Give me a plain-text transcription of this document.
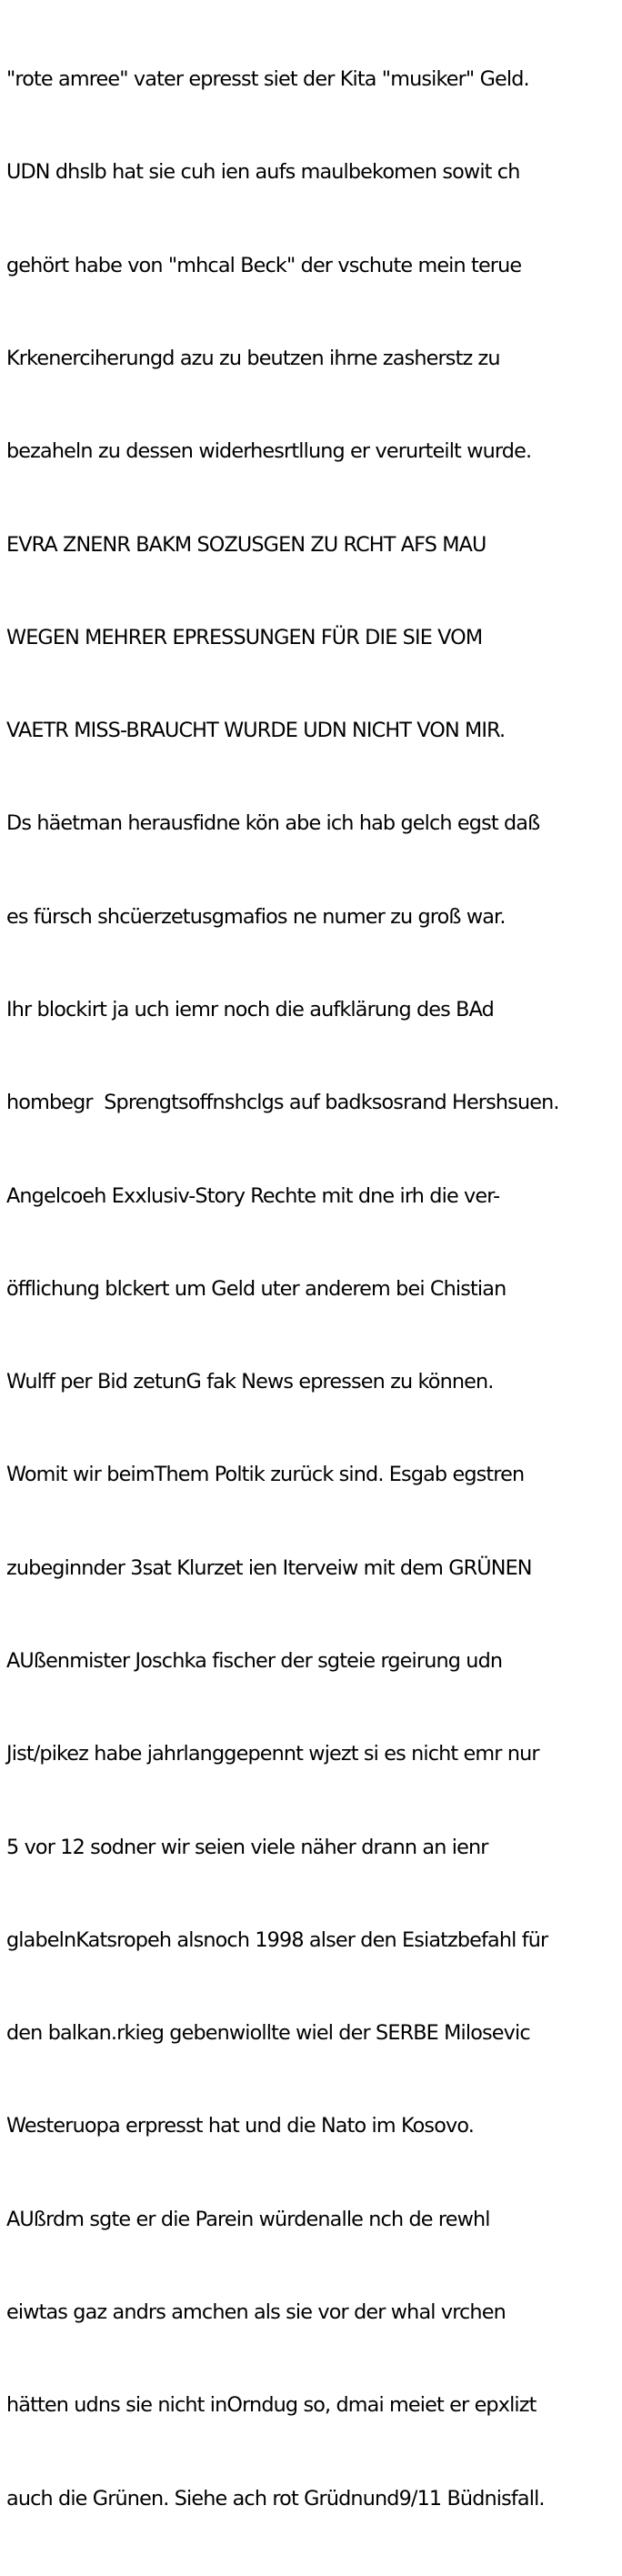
"rote amree" vater epresst siet der Kita "musiker" Geld.

UDN dhslb hat sie cuh ien aufs maulbekomen sowit ch

gehört habe von "mhcal Beck" der vschute mein terue

Krkenerciherungd azu zu beutzen ihrne zasherstz zu

bezaheln zu dessen widerhesrtllung er verurteilt wurde.

EVRA ZNENR BAKM SOZUSGEN ZU RCHT AFS MAU

WEGEN MEHRER EPRESSUNGEN FÜR DIE SIE VOM

VAETR MISS-BRAUCHT WURDE UDN NICHT VON MIR.

Ds häetman herausfidne kön abe ich hab gelch egst daß

es fürsch shcüerzetusgmafios ne numer zu groß war.

Ihr blockirt ja uch iemr noch die aufklärung des BAd

hombegr  Sprengtsoffnshclgs auf badksosrand Hershsuen.

Angelcoeh Exxlusiv-Story Rechte mit dne irh die ver-

öfflichung blckert um Geld uter anderem bei Chistian

Wulff per Bid zetunG fak News epressen zu können.

Womit wir beimThem Poltik zurück sind. Esgab egstren

zubeginnder 3sat Klurzet ien Iterveiw mit dem GRÜNEN

AUßenmister Joschka fischer der sgteie rgeirung udn

Jist/pikez habe jahrlanggepennt wjezt si es nicht emr nur

5 vor 12 sodner wir seien viele näher drann an ienr

glabelnKatsropeh alsnoch 1998 alser den Esiatzbefahl für

den balkan.rkieg gebenwiollte wiel der SERBE Milosevic

Westeruopa erpresst hat und die Nato im Kosovo.

AUßrdm sgte er die Parein würdenalle nch de rewhl

eiwtas gaz andrs amchen als sie vor der whal vrchen

hätten udns sie nicht inOrndug so, dmai meiet er epxlizt

auch die Grünen. Siehe ach rot Grüdnund9/11 Büdnisfall.
